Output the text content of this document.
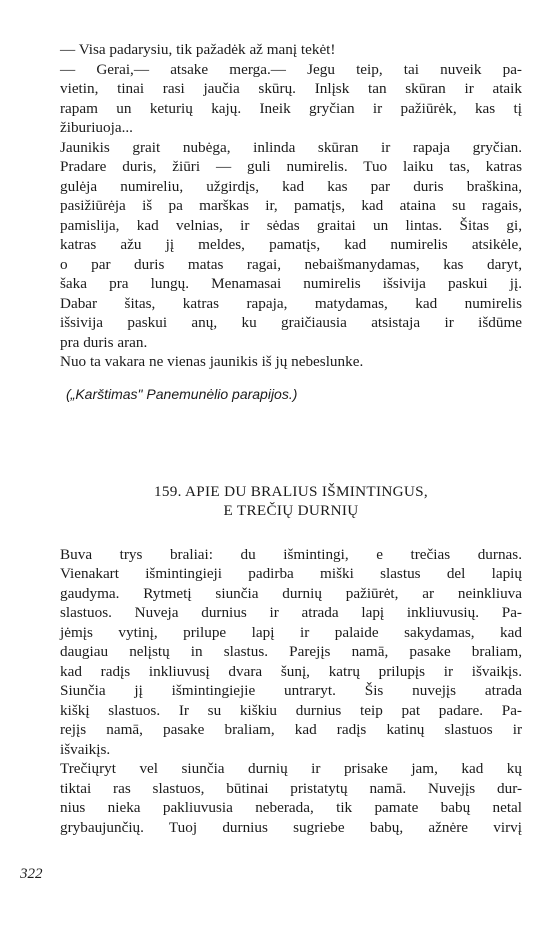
— Visa padarysiu, tik pažadėk až manį tekėt!
— Gerai,— atsake merga.— Jegu teip, tai nuveik pa-
vietin, tinai rasi jaučia skūrų. Inlįsk tan skūran ir ataik
rapam un keturių kajų. Ineik gryčian ir pažiūrėk, kas tį
žiburiuoja...
Jaunikis grait nubėga, inlinda skūran ir rapaja gryčian.
Pradare duris, žiūri — guli numirelis. Tuo laiku tas, katras
gulėja numireliu, užgirdįs, kad kas par duris braškina,
pasižiūrėja iš pa marškas ir, pamatįs, kad ataina su ragais,
pamislija, kad velnias, ir sėdas graitai un lintas. Šitas gi,
katras ažu jį meldes, pamatįs, kad numirelis atsikėle,
o par duris matas ragai, nebaišmanydamas, kas daryt,
šaka pra lungų. Menamasai numirelis išsivija paskui jį.
Dabar šitas, katras rapaja, matydamas, kad numirelis
išsivija paskui anų, ku graičiausia atsistaja ir išdūme
pra duris aran.
Nuo ta vakara ne vienas jaunikis iš jų nebeslunke.
(„Karštimas" Panemunėlio parapijos.)
159. APIE DU BRALIUS IŠMINTINGUS,
E TREČIŲ DURNIŲ
Buva trys braliai: du išmintingi, e trečias durnas.
Vienakart išmintingieji padirba miški slastus del lapių
gaudyma. Rytmetį siunčia durnių pažiūrėt, ar neinkliuva
slastuos. Nuveja durnius ir atrada lapį inkliuvusių. Pa-
jėmįs vytinį, prilupe lapį ir palaide sakydamas, kad
daugiau nelįstų in slastus. Parejįs namā, pasake braliam,
kad radįs inkliuvusį dvara šunį, katrų prilupįs ir išvaikįs.
Siunčia jį išmintingiejie untraryt. Šis nuvejįs atrada
kiškį slastuos. Ir su kiškiu durnius teip pat padare. Pa-
rejįs namā, pasake braliam, kad radįs katinų slastuos ir
išvaikįs.
Trečiųryt vel siunčia durnių ir prisake jam, kad kų
tiktai ras slastuos, būtinai pristatytų namā. Nuvejįs dur-
nius nieka pakliuvusia neberada, tik pamate babų netal
grybaujunčių. Tuoj durnius sugriebe babų, ažnėre virvį
322
